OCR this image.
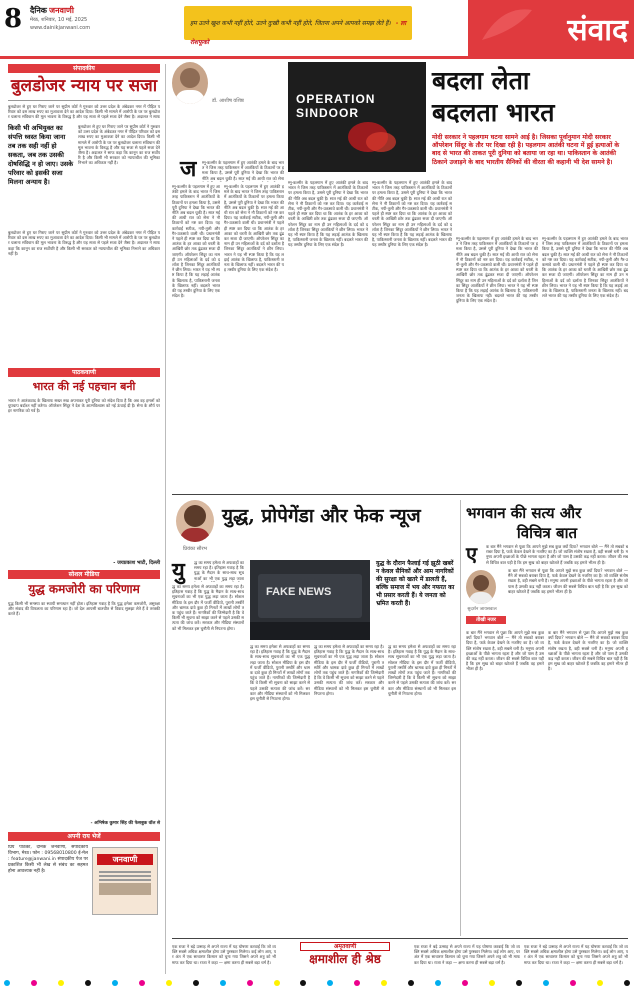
8 दैनिक जनवाणी
मेरठ, शनिवार, 10 मई, 2025
www.dainikjanwani.com
हम उतने खुश कभी नहीं होते, उतने दुःखी कभी नहीं होते, जितना अपने आपको समझ लेते हैं। - ला रोशफूको	संवाद
संपादकीय
बुलडोजर न्याय पर सजा
बुलडोजर से हुए घर गिराए जाने पर सुप्रीम कोर्ट ने गुरुवार को उत्तर प्रदेश के अंबेडकर नगर में पीड़ित परिवार को दस लाख रुपए का मुआवजा देने का आदेश दिया। किसी भी मामले में आरोपी के घर पर बुलडोजर चलाना संविधान की मूल भावना के विरुद्ध है और यह सजा से पहले सजा देने जैसा है। अदालत ने साफ
किसी भी अभियुक्त का संपत्ति ध्वस्त किया जाना तब तक सही नहीं हो सकता, जब तक उसकी दोषसिद्धि न हो जाए। उसके परिवार को इसकी सजा मिलना अन्याय है।
बुलडोजर से हुए घर गिराए जाने पर सुप्रीम कोर्ट ने गुरुवार को उत्तर प्रदेश के अंबेडकर नगर में पीड़ित परिवार को दस लाख रुपए का मुआवजा देने का आदेश दिया। किसी भी मामले में आरोपी के घर पर बुलडोजर चलाना संविधान की मूल भावना के विरुद्ध है और यह सजा से पहले सजा देने जैसा है। अदालत ने साफ कहा कि कानून का राज सर्वोपरि है और किसी भी सरकार को न्यायाधीश की भूमिका निभाने का अधिकार नहीं है।
बुलडोजर से हुए घर गिराए जाने पर सुप्रीम कोर्ट ने गुरुवार को उत्तर प्रदेश के अंबेडकर नगर में पीड़ित परिवार को दस लाख रुपए का मुआवजा देने का आदेश दिया। किसी भी मामले में आरोपी के घर पर बुलडोजर चलाना संविधान की मूल भावना के विरुद्ध है और यह सजा से पहले सजा देने जैसा है। अदालत ने साफ कहा कि कानून का राज सर्वोपरि है और किसी भी सरकार को न्यायाधीश की भूमिका निभाने का अधिकार नहीं है।
पाठकवाणी
भारत की नई पहचान बनी
भारत ने आतंकवाद के खिलाफ सख्त रुख अपनाकर पूरी दुनिया को संदेश दिया है कि अब वह हमलों को चुपचाप बर्दाश्त नहीं करेगा। ऑपरेशन सिंदूर ने देश के आत्मविश्वास को नई ऊंचाई दी है। सेना के शौर्य पर हर नागरिक को गर्व है।
- जयप्रकाश भाटी, दिल्ली
सोशल मीडिया
युद्ध कमजोरी का परिणाम
युद्ध किसी भी समस्या का स्थायी समाधान नहीं होता। इतिहास गवाह है कि युद्ध हमेशा कमजोरी, असुरक्षा और संवाद की विफलता का परिणाम रहा है। जो देश आपसी बातचीत से विवाद सुलझा लेते हैं वे तरक्की करते हैं।
- अभिषेक कुमार सिंह की फेसबुक वॉल से
अपनी राय भेजें
प्रिय पाठकों, दैनिक जनवाणी, संपादकीय विभाग, मेरठ। फोन : 09568010800 ई-मेल : feature@janwani.in संपादकीय पेज पर प्रकाशित किसी भी लेख से संबंध का सहमत होना आवश्यक नहीं है।
जनवाणी
डॉ. आशीष वशिष्ठ	OPERATION SINDOOR
बदला लेता
बदलता भारत
मोदी सरकार ने पहलगाम घटना सामने आई है। जिसका पूर्वानुमान मोदी सरकार ऑपरेशन सिंदूर के तौर पर दिखा रही है। पहलगाम आतंकी घटना में हुई हत्याओं के बाद से भारत की ताकत पूरी दुनिया को बताया जा रहा था। पाकिस्तान के आतंकी ठिकाने उजाड़ने के बाद भारतीय सैनिकों की वीरता की कहानी भी देश सामने है।
ज म्मू-कश्मीर के पहलगाम में हुए आतंकी हमले के बाद भारत ने जिस तरह पाकिस्तान में आतंकियों के ठिकानों पर हमला किया है, उससे पूरी दुनिया ने देखा कि भारत की नीति अब बदल चुकी है। सात मई की आधी रात को सेना
म्मू-कश्मीर के पहलगाम में हुए आतंकी हमले के बाद भारत ने जिस तरह पाकिस्तान में आतंकियों के ठिकानों पर हमला किया है, उससे पूरी दुनिया ने देखा कि भारत की नीति अब बदल चुकी है। सात मई की आधी रात को सेना ने नौ ठिकानों को नष्ट कर दिया। यह कार्रवाई सटीक, नपी-तुली और गैर-उकसावे वाली थी। प्रधानमंत्री ने पहले ही स्पष्ट कर दिया था कि आतंक के हर आका को धरती के आखिरी छोर तक ढूंढकर सजा दी जाएगी। ऑपरेशन सिंदूर का नाम ही उन महिलाओं के दर्द को दर्शाता है जिनका सिंदूर आतंकियों ने छीन लिया। भारत ने यह भी स्पष्ट किया है कि यह लड़ाई आतंक के खिलाफ है, पाकिस्तानी जनता के खिलाफ नहीं। बदलते भारत की यह तस्वीर दुनिया के लिए एक संदेश है।
म्मू-कश्मीर के पहलगाम में हुए आतंकी हमले के बाद भारत ने जिस तरह पाकिस्तान में आतंकियों के ठिकानों पर हमला किया है, उससे पूरी दुनिया ने देखा कि भारत की नीति अब बदल चुकी है। सात मई की आधी रात को सेना ने नौ ठिकानों को नष्ट कर दिया। यह कार्रवाई सटीक, नपी-तुली और गैर-उकसावे वाली थी। प्रधानमंत्री ने पहले ही स्पष्ट कर दिया था कि आतंक के हर आका को धरती के आखिरी छोर तक ढूंढकर सजा दी जाएगी। ऑपरेशन सिंदूर का नाम ही उन महिलाओं के दर्द को दर्शाता है जिनका सिंदूर आतंकियों ने छीन लिया। भारत ने यह भी स्पष्ट किया है कि यह लड़ाई आतंक के खिलाफ है, पाकिस्तानी जनता के खिलाफ नहीं। बदलते भारत की यह तस्वीर दुनिया के लिए एक संदेश है।
म्मू-कश्मीर के पहलगाम में हुए आतंकी हमले के बाद भारत ने जिस तरह पाकिस्तान में आतंकियों के ठिकानों पर हमला किया है, उससे पूरी दुनिया ने देखा कि भारत की नीति अब बदल चुकी है। सात मई की आधी रात को सेना ने नौ ठिकानों को नष्ट कर दिया। यह कार्रवाई सटीक, नपी-तुली और गैर-उकसावे वाली थी। प्रधानमंत्री ने पहले ही स्पष्ट कर दिया था कि आतंक के हर आका को धरती के आखिरी छोर तक ढूंढकर सजा दी जाएगी। ऑपरेशन सिंदूर का नाम ही उन महिलाओं के दर्द को दर्शाता है जिनका सिंदूर आतंकियों ने छीन लिया। भारत ने यह भी स्पष्ट किया है कि यह लड़ाई आतंक के खिलाफ है, पाकिस्तानी जनता के खिलाफ नहीं। बदलते भारत की यह तस्वीर दुनिया के लिए एक संदेश है।
म्मू-कश्मीर के पहलगाम में हुए आतंकी हमले के बाद भारत ने जिस तरह पाकिस्तान में आतंकियों के ठिकानों पर हमला किया है, उससे पूरी दुनिया ने देखा कि भारत की नीति अब बदल चुकी है। सात मई की आधी रात को सेना ने नौ ठिकानों को नष्ट कर दिया। यह कार्रवाई सटीक, नपी-तुली और गैर-उकसावे वाली थी। प्रधानमंत्री ने पहले ही स्पष्ट कर दिया था कि आतंक के हर आका को धरती के आखिरी छोर तक ढूंढकर सजा दी जाएगी। ऑपरेशन सिंदूर का नाम ही उन महिलाओं के दर्द को दर्शाता है जिनका सिंदूर आतंकियों ने छीन लिया। भारत ने यह भी स्पष्ट किया है कि यह लड़ाई आतंक के खिलाफ है, पाकिस्तानी जनता के खिलाफ नहीं। बदलते भारत की यह तस्वीर दुनिया के लिए एक संदेश है।
म्मू-कश्मीर के पहलगाम में हुए आतंकी हमले के बाद भारत ने जिस तरह पाकिस्तान में आतंकियों के ठिकानों पर हमला किया है, उससे पूरी दुनिया ने देखा कि भारत की नीति अब बदल चुकी है। सात मई की आधी रात को सेना ने नौ ठिकानों को नष्ट कर दिया। यह कार्रवाई सटीक, नपी-तुली और गैर-उकसावे वाली थी। प्रधानमंत्री ने पहले ही स्पष्ट कर दिया था कि आतंक के हर आका को धरती के आखिरी छोर तक ढूंढकर सजा दी जाएगी। ऑपरेशन सिंदूर का नाम ही उन महिलाओं के दर्द को दर्शाता है जिनका सिंदूर आतंकियों ने छीन लिया। भारत ने यह भी स्पष्ट किया है कि यह लड़ाई आतंक के खिलाफ है, पाकिस्तानी जनता के खिलाफ नहीं। बदलते भारत की यह तस्वीर दुनिया के लिए एक संदेश है।
म्मू-कश्मीर के पहलगाम में हुए आतंकी हमले के बाद भारत ने जिस तरह पाकिस्तान में आतंकियों के ठिकानों पर हमला किया है, उससे पूरी दुनिया ने देखा कि भारत की नीति अब बदल चुकी है। सात मई की आधी रात को सेना ने नौ ठिकानों को नष्ट कर दिया। यह कार्रवाई सटीक, नपी-तुली और गैर-उकसावे वाली थी। प्रधानमंत्री ने पहले ही स्पष्ट कर दिया था कि आतंक के हर आका को धरती के आखिरी छोर तक ढूंढकर सजा दी जाएगी। ऑपरेशन सिंदूर का नाम ही उन महिलाओं के दर्द को दर्शाता है जिनका सिंदूर आतंकियों ने छीन लिया। भारत ने यह भी स्पष्ट किया है कि यह लड़ाई आतंक के खिलाफ है, पाकिस्तानी जनता के खिलाफ नहीं। बदलते भारत की यह तस्वीर दुनिया के लिए एक संदेश है।
प्रियंका सौरभ
युद्ध, प्रोपेगेंडा और फेक न्यूज
यु द्ध का समय हमेशा से अफवाहों का समय रहा है। इतिहास गवाह है कि युद्ध के मैदान के साथ-साथ सूचनाओं का भी एक युद्ध लड़ा जाता
द्ध का समय हमेशा से अफवाहों का समय रहा है। इतिहास गवाह है कि युद्ध के मैदान के साथ-साथ सूचनाओं का भी एक युद्ध लड़ा जाता है। सोशल मीडिया के इस दौर में फर्जी वीडियो, पुरानी तस्वीरें और भ्रामक दावे कुछ ही मिनटों में लाखों लोगों तक पहुंच जाते हैं। नागरिकों की जिम्मेदारी है कि वे किसी भी सूचना को साझा करने से पहले उसकी सत्यता की जांच करें। सरकार और मीडिया संस्थानों को भी मिलकर इस चुनौती से निपटना होगा।
FAKE NEWS
युद्ध के दौरान फैलाई गई झूठी खबरें न केवल सैनिकों और आम नागरिकों की सुरक्षा को खतरे में डालती हैं, बल्कि समाज में भय और नफरत का भी प्रसार करती हैं। ये जनता को भ्रमित करती हैं।
द्ध का समय हमेशा से अफवाहों का समय रहा है। इतिहास गवाह है कि युद्ध के मैदान के साथ-साथ सूचनाओं का भी एक युद्ध लड़ा जाता है। सोशल मीडिया के इस दौर में फर्जी वीडियो, पुरानी तस्वीरें और भ्रामक दावे कुछ ही मिनटों में लाखों लोगों तक पहुंच जाते हैं। नागरिकों की जिम्मेदारी है कि वे किसी भी सूचना को साझा करने से पहले उसकी सत्यता की जांच करें। सरकार और मीडिया संस्थानों को भी मिलकर इस चुनौती से निपटना होगा।
द्ध का समय हमेशा से अफवाहों का समय रहा है। इतिहास गवाह है कि युद्ध के मैदान के साथ-साथ सूचनाओं का भी एक युद्ध लड़ा जाता है। सोशल मीडिया के इस दौर में फर्जी वीडियो, पुरानी तस्वीरें और भ्रामक दावे कुछ ही मिनटों में लाखों लोगों तक पहुंच जाते हैं। नागरिकों की जिम्मेदारी है कि वे किसी भी सूचना को साझा करने से पहले उसकी सत्यता की जांच करें। सरकार और मीडिया संस्थानों को भी मिलकर इस चुनौती से निपटना होगा।
द्ध का समय हमेशा से अफवाहों का समय रहा है। इतिहास गवाह है कि युद्ध के मैदान के साथ-साथ सूचनाओं का भी एक युद्ध लड़ा जाता है। सोशल मीडिया के इस दौर में फर्जी वीडियो, पुरानी तस्वीरें और भ्रामक दावे कुछ ही मिनटों में लाखों लोगों तक पहुंच जाते हैं। नागरिकों की जिम्मेदारी है कि वे किसी भी सूचना को साझा करने से पहले उसकी सत्यता की जांच करें। सरकार और मीडिया संस्थानों को भी मिलकर इस चुनौती से निपटना होगा।
भगवान की सत्य और
विचित्र बात
ए
सुदर्शन जायसवाल
तीखी नजर
क बार मैंने भगवान से पूछा कि आपने मुझे सब कुछ क्यों दिया? भगवान बोले — मैंने तो सबको बराबर दिया है, फर्क केवल देखने के नजरिए का है। जो व्यक्ति संतोष रखता है, वही सबसे धनी है। मनुष्य अपनी इच्छाओं के पीछे भागता रहता है और जो पास है उसकी कद्र नहीं करता। जीवन की सबसे विचित्र बात यही है कि हम सुख को बाहर खोजते हैं जबकि वह हमारे भीतर ही है।
क बार मैंने भगवान से पूछा कि आपने मुझे सब कुछ क्यों दिया? भगवान बोले — मैंने तो सबको बराबर दिया है, फर्क केवल देखने के नजरिए का है। जो व्यक्ति संतोष रखता है, वही सबसे धनी है। मनुष्य अपनी इच्छाओं के पीछे भागता रहता है और जो पास है उसकी कद्र नहीं करता। जीवन की सबसे विचित्र बात यही है कि हम सुख को बाहर खोजते हैं जबकि वह हमारे भीतर ही है।
क बार मैंने भगवान से पूछा कि आपने मुझे सब कुछ क्यों दिया? भगवान बोले — मैंने तो सबको बराबर दिया है, फर्क केवल देखने के नजरिए का है। जो व्यक्ति संतोष रखता है, वही सबसे धनी है। मनुष्य अपनी इच्छाओं के पीछे भागता रहता है और जो पास है उसकी कद्र नहीं करता। जीवन की सबसे विचित्र बात यही है कि हम सुख को बाहर खोजते हैं जबकि वह हमारे भीतर ही है।
क बार मैंने भगवान से पूछा कि आपने मुझे सब कुछ क्यों दिया? भगवान बोले — मैंने तो सबको बराबर दिया है, फर्क केवल देखने के नजरिए का है। जो व्यक्ति संतोष रखता है, वही सबसे धनी है। मनुष्य अपनी इच्छाओं के पीछे भागता रहता है और जो पास है उसकी कद्र नहीं करता। जीवन की सबसे विचित्र बात यही है कि हम सुख को बाहर खोजते हैं जबकि वह हमारे भीतर ही है।
अमृतवाणी
क्षमाशील ही श्रेष्ठ
एक राजा ने बड़े उत्साह से अपने राज्य में यह घोषणा करवाई कि जो व्यक्ति सबसे अधिक क्षमाशील होगा उसे पुरस्कार मिलेगा। कई लोग आए, पर अंत में एक साधारण किसान को चुना गया जिसने अपने शत्रु को भी माफ कर दिया था। राजा ने कहा — क्षमा करना ही सबसे बड़ा धर्म है।
एक राजा ने बड़े उत्साह से अपने राज्य में यह घोषणा करवाई कि जो व्यक्ति सबसे अधिक क्षमाशील होगा उसे पुरस्कार मिलेगा। कई लोग आए, पर अंत में एक साधारण किसान को चुना गया जिसने अपने शत्रु को भी माफ कर दिया था। राजा ने कहा — क्षमा करना ही सबसे बड़ा धर्म है।
एक राजा ने बड़े उत्साह से अपने राज्य में यह घोषणा करवाई कि जो व्यक्ति सबसे अधिक क्षमाशील होगा उसे पुरस्कार मिलेगा। कई लोग आए, पर अंत में एक साधारण किसान को चुना गया जिसने अपने शत्रु को भी माफ कर दिया था। राजा ने कहा — क्षमा करना ही सबसे बड़ा धर्म है।
